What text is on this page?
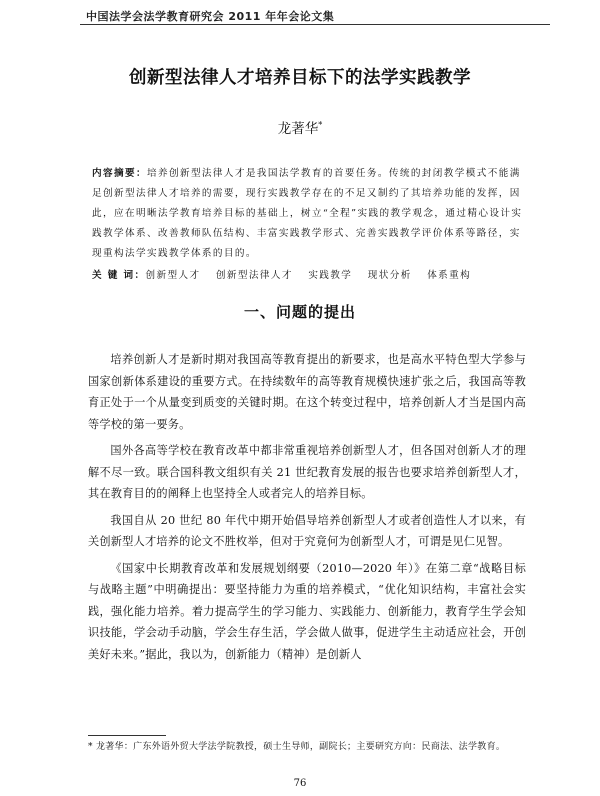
中国法学会法学教育研究会 2011 年年会论文集
创新型法律人才培养目标下的法学实践教学
龙著华*
内容摘要：培养创新型法律人才是我国法学教育的首要任务。传统的封闭教学模式不能满足创新型法律人才培养的需要，现行实践教学存在的不足又制约了其培养功能的发挥，因此，应在明晰法学教育培养目标的基础上，树立“全程”实践的教学观念，通过精心设计实践教学体系、改善教师队伍结构、丰富实践教学形式、完善实践教学评价体系等路径，实现重构法学实践教学体系的目的。
关 键 词：创新型人才　 创新型法律人才　 实践教学　 现状分析　 体系重构
一、问题的提出

培养创新人才是新时期对我国高等教育提出的新要求，也是高水平特色型大学参与国家创新体系建设的重要方式。在持续数年的高等教育规模快速扩张之后，我国高等教育正处于一个从量变到质变的关键时期。在这个转变过程中，培养创新人才当是国内高等学校的第一要务。

国外各高等学校在教育改革中都非常重视培养创新型人才，但各国对创新人才的理解不尽一致。联合国科教文组织有关 21 世纪教育发展的报告也要求培养创新型人才，其在教育目的的阐释上也坚持全人或者完人的培养目标。

我国自从 20 世纪 80 年代中期开始倡导培养创新型人才或者创造性人才以来，有关创新型人才培养的论文不胜枚举，但对于究竟何为创新型人才，可谓是见仁见智。

《国家中长期教育改革和发展规划纲要（2010—2020 年）》在第二章“战略目标与战略主题”中明确提出：要坚持能力为重的培养模式，“优化知识结构，丰富社会实践，强化能力培养。着力提高学生的学习能力、实践能力、创新能力，教育学生学会知识技能，学会动手动脑，学会生存生活，学会做人做事，促进学生主动适应社会，开创美好未来。”据此，我以为，创新能力（精神）是创新人

* 龙著华：广东外语外贸大学法学院教授，硕士生导师，副院长；主要研究方向：民商法、法学教育。
76
